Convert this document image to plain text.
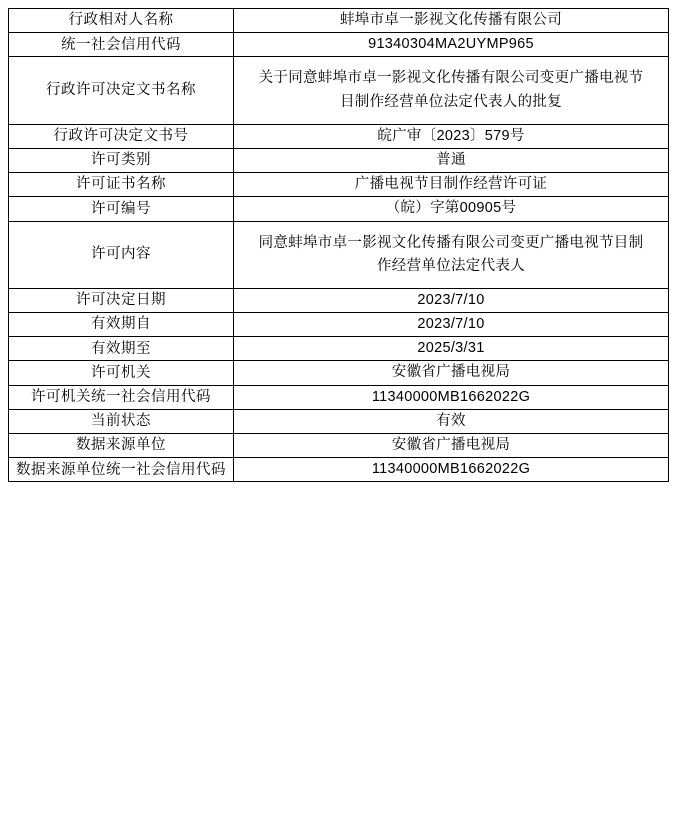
行政相对人名称	蚌埠市卓一影视文化传播有限公司

统一社会信用代码	91340304MA2UYMP965

行政许可决定文书名称	关于同意蚌埠市卓一影视文化传播有限公司变更广播电视节目制作经营单位法定代表人的批复

行政许可决定文书号	皖广审〔2023〕579号

许可类别	普通

许可证书名称	广播电视节目制作经营许可证

许可编号	（皖）字第00905号

许可内容	同意蚌埠市卓一影视文化传播有限公司变更广播电视节目制作经营单位法定代表人

许可决定日期	2023/7/10

有效期自	2023/7/10

有效期至	2025/3/31

许可机关	安徽省广播电视局

许可机关统一社会信用代码	11340000MB1662022G

当前状态	有效

数据来源单位	安徽省广播电视局

数据来源单位统一社会信用代码	11340000MB1662022G
